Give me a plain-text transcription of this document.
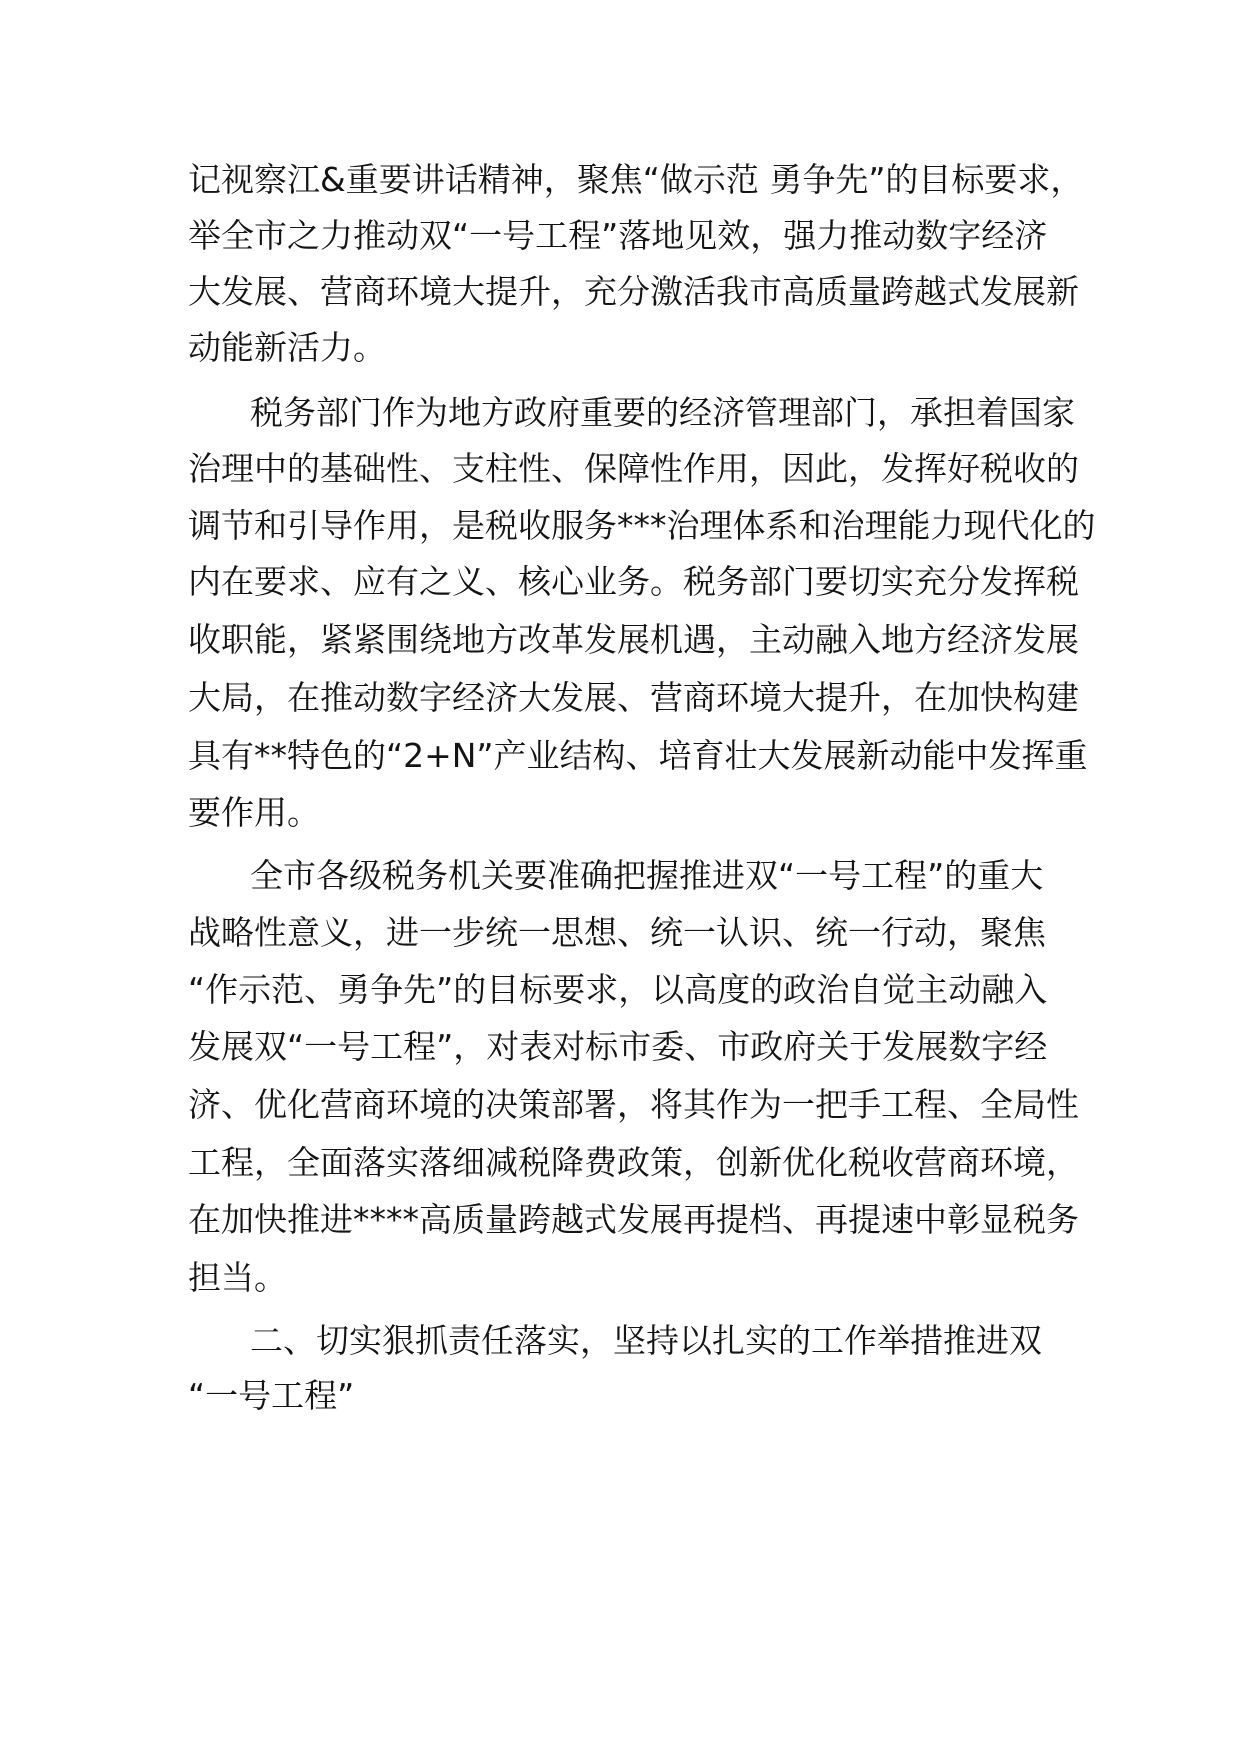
记视察江&重要讲话精神，聚焦“做示范 勇争先”的目标要求，
举全市之力推动双“一号工程”落地见效，强力推动数字经济
大发展、营商环境大提升，充分激活我市高质量跨越式发展新
动能新活力。
税务部门作为地方政府重要的经济管理部门，承担着国家
治理中的基础性、支柱性、保障性作用，因此，发挥好税收的
调节和引导作用，是税收服务***治理体系和治理能力现代化的
内在要求、应有之义、核心业务。税务部门要切实充分发挥税
收职能，紧紧围绕地方改革发展机遇，主动融入地方经济发展
大局，在推动数字经济大发展、营商环境大提升，在加快构建
具有**特色的“2+N”产业结构、培育壮大发展新动能中发挥重
要作用。
全市各级税务机关要准确把握推进双“一号工程”的重大
战略性意义，进一步统一思想、统一认识、统一行动，聚焦
“作示范、勇争先”的目标要求，以高度的政治自觉主动融入
发展双“一号工程”，对表对标市委、市政府关于发展数字经
济、优化营商环境的决策部署，将其作为一把手工程、全局性
工程，全面落实落细减税降费政策，创新优化税收营商环境，
在加快推进****高质量跨越式发展再提档、再提速中彰显税务
担当。
二、切实狠抓责任落实，坚持以扎实的工作举措推进双
“一号工程”
